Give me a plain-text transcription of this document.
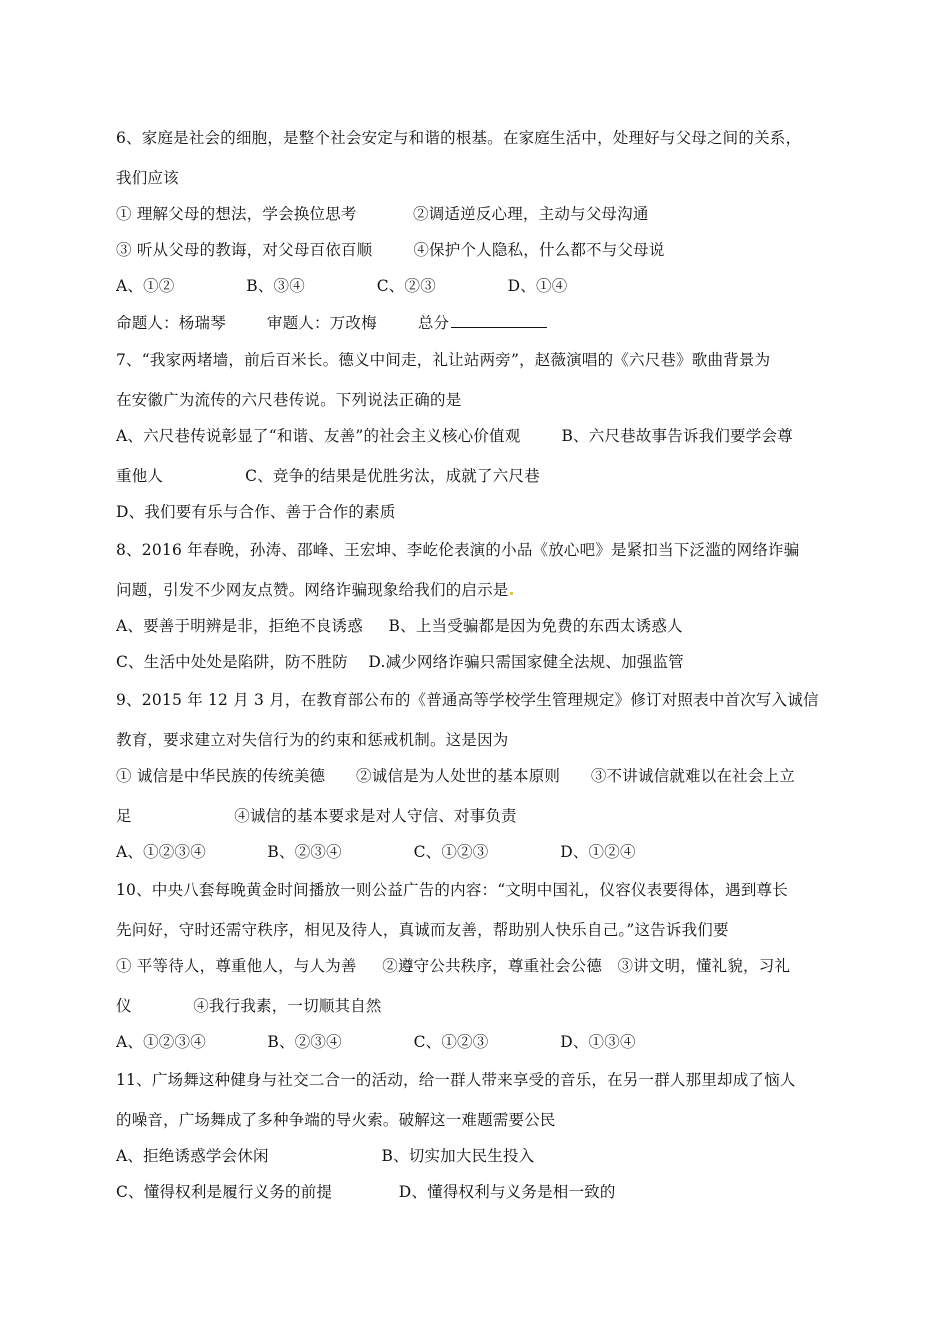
6、家庭是社会的细胞，是整个社会安定与和谐的根基。在家庭生活中，处理好与父母之间的关系，
我们应该
① 理解父母的想法，学会换位思考           ②调适逆反心理，主动与父母沟通
③ 听从父母的教诲，对父母百依百顺        ④保护个人隐私，什么都不与父母说
A、①②              B、③④              C、②③              D、①④
命题人：杨瑞琴        审题人：万改梅        总分
7、“我家两堵墙，前后百米长。德义中间走，礼让站两旁”，赵薇演唱的《六尺巷》歌曲背景为
在安徽广为流传的六尺巷传说。下列说法正确的是
A、六尺巷传说彰显了“和谐、友善”的社会主义核心价值观        B、六尺巷故事告诉我们要学会尊
重他人                C、竞争的结果是优胜劣汰，成就了六尺巷
D、我们要有乐与合作、善于合作的素质
8、2016 年春晚，孙涛、邵峰、王宏坤、李屹伦表演的小品《放心吧》是紧扣当下泛滥的网络诈骗
问题，引发不少网友点赞。网络诈骗现象给我们的启示是
A、要善于明辨是非，拒绝不良诱惑     B、上当受骗都是因为免费的东西太诱惑人
C、生活中处处是陷阱，防不胜防    D.减少网络诈骗只需国家健全法规、加强监管
9、2015 年 12 月 3 月，在教育部公布的《普通高等学校学生管理规定》修订对照表中首次写入诚信
教育，要求建立对失信行为的约束和惩戒机制。这是因为
① 诚信是中华民族的传统美德      ②诚信是为人处世的基本原则      ③不讲诚信就难以在社会上立
足                    ④诚信的基本要求是对人守信、对事负责
A、①②③④            B、②③④              C、①②③              D、①②④
10、中央八套每晚黄金时间播放一则公益广告的内容：“文明中国礼，仪容仪表要得体，遇到尊长
先问好，守时还需守秩序，相见及待人，真诚而友善，帮助别人快乐自己。”这告诉我们要
① 平等待人，尊重他人，与人为善     ②遵守公共秩序，尊重社会公德   ③讲文明，懂礼貌，习礼
仪            ④我行我素，一切顺其自然
A、①②③④            B、②③④              C、①②③              D、①③④
11、广场舞这种健身与社交二合一的活动，给一群人带来享受的音乐，在另一群人那里却成了恼人
的噪音，广场舞成了多种争端的导火索。破解这一难题需要公民
A、拒绝诱惑学会休闲                      B、切实加大民生投入
C、懂得权利是履行义务的前提             D、懂得权利与义务是相一致的
